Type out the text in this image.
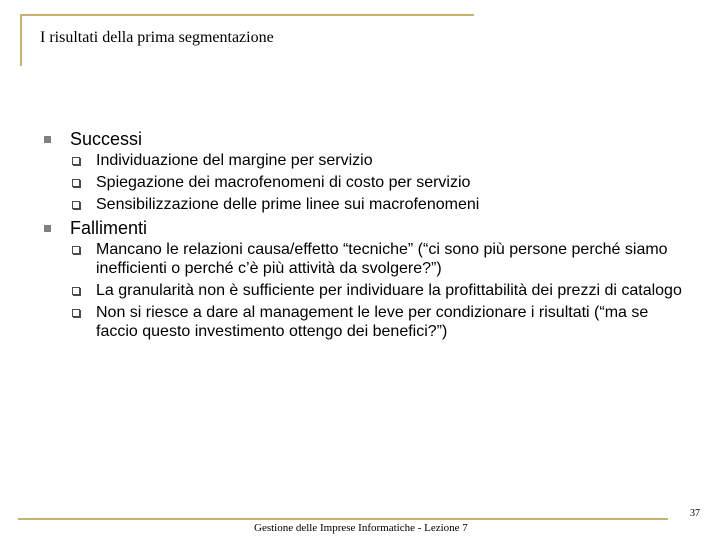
I risultati della prima segmentazione
Successi
Individuazione del margine per servizio
Spiegazione dei macrofenomeni di costo per servizio
Sensibilizzazione delle prime linee sui macrofenomeni
Fallimenti
Mancano le relazioni causa/effetto “tecniche” (“ci sono più persone perché siamo inefficienti o perché c’è più attività da svolgere?”)
La granularità non è sufficiente per individuare la profittabilità dei prezzi di catalogo
Non si riesce a dare al management le leve per condizionare i risultati (“ma se faccio questo investimento ottengo dei benefici?”)
Gestione delle Imprese Informatiche - Lezione 7
37
